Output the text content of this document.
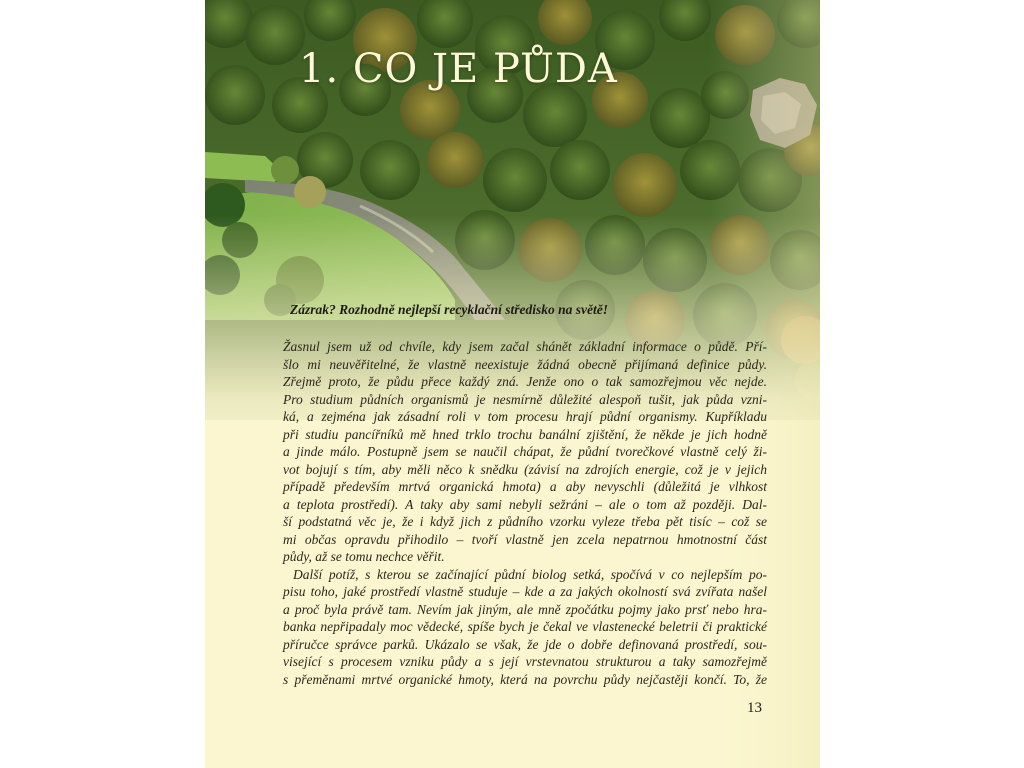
1. CO JE PŮDA

Zázrak? Rozhodně nejlepší recyklační středisko na světě!

Žasnul jsem už od chvíle, kdy jsem začal shánět základní informace o půdě. Pří-
šlo mi neuvěřitelné, že vlastně neexistuje žádná obecně přijímaná definice půdy.
Zřejmě proto, že půdu přece každý zná. Jenže ono o tak samozřejmou věc nejde.
Pro studium půdních organismů je nesmírně důležité alespoň tušit, jak půda vzni-
ká, a zejména jak zásadní roli v tom procesu hrají půdní organismy. Kupříkladu
při studiu pancířníků mě hned trklo trochu banální zjištění, že někde je jich hodně
a jinde málo. Postupně jsem se naučil chápat, že půdní tvorečkové vlastně celý ži-
vot bojují s tím, aby měli něco k snědku (závisí na zdrojích energie, což je v jejich
případě především mrtvá organická hmota) a aby nevyschli (důležitá je vlhkost
a teplota prostředí). A taky aby sami nebyli sežráni – ale o tom až později. Dal-
ší podstatná věc je, že i když jich z půdního vzorku vyleze třeba pět tisíc – což se
mi občas opravdu přihodilo – tvoří vlastně jen zcela nepatrnou hmotnostní část
půdy, až se tomu nechce věřit.
Další potíž, s kterou se začínající půdní biolog setká, spočívá v co nejlepším po-
pisu toho, jaké prostředí vlastně studuje – kde a za jakých okolností svá zvířata našel
a proč byla právě tam. Nevím jak jiným, ale mně zpočátku pojmy jako prsť nebo hra-
banka nepřipadaly moc vědecké, spíše bych je čekal ve vlastenecké beletrii či praktické
příručce správce parků. Ukázalo se však, že jde o dobře definovaná prostředí, sou-
visející s procesem vzniku půdy a s její vrstevnatou strukturou a taky samozřejmě
s přeměnami mrtvé organické hmoty, která na povrchu půdy nejčastěji končí. To, že
13
